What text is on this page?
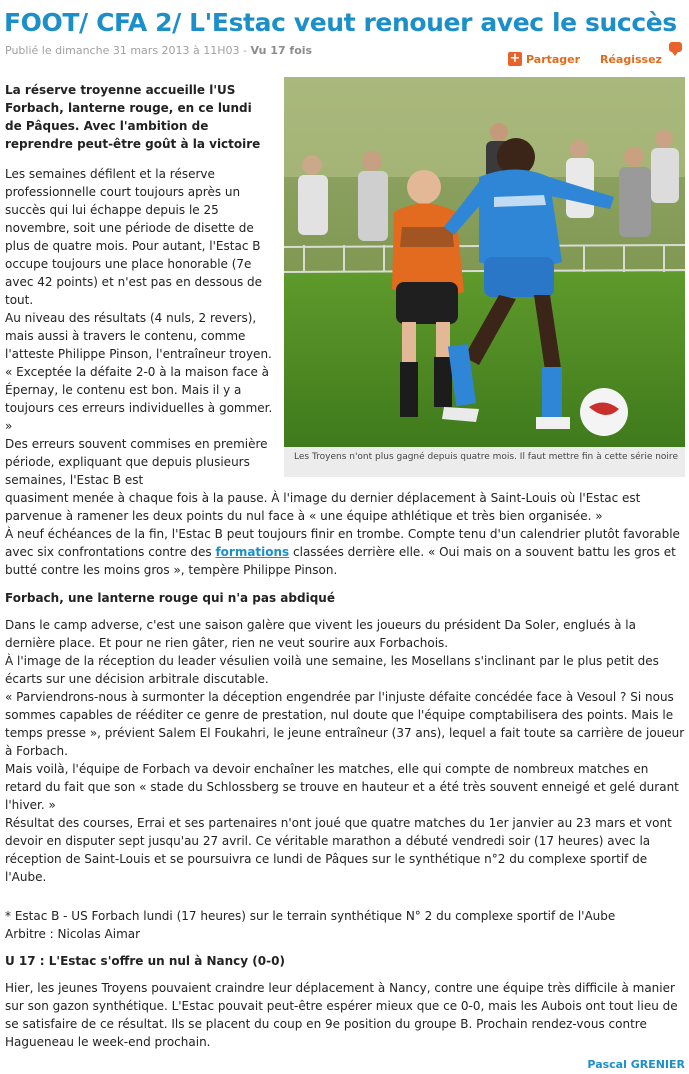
FOOT/ CFA 2/ L'Estac veut renouer avec le succès
Publié le dimanche 31 mars 2013 à 11H03 - Vu 17 fois
+ Partager Réagissez

La réserve troyenne accueille l'US Forbach, lanterne rouge, en ce lundi de Pâques. Avec l'ambition de reprendre peut-être goût à la victoire

Les Troyens n'ont plus gagné depuis quatre mois. Il faut mettre fin à cette série noire

Les semaines défilent et la réserve professionnelle court toujours après un succès qui lui échappe depuis le 25 novembre, soit une période de disette de plus de quatre mois. Pour autant, l'Estac B occupe toujours une place honorable (7e avec 42 points) et n'est pas en dessous de tout.

Au niveau des résultats (4 nuls, 2 revers), mais aussi à travers le contenu, comme l'atteste Philippe Pinson, l'entraîneur troyen. « Exceptée la défaite 2-0 à la maison face à Épernay, le contenu est bon. Mais il y a toujours ces erreurs individuelles à gommer. »

Des erreurs souvent commises en première période, expliquant que depuis plusieurs semaines, l'Estac B est

quasiment menée à chaque fois à la pause. À l'image du dernier déplacement à Saint-Louis où l'Estac est parvenue à ramener les deux points du nul face à « une équipe athlétique et très bien organisée. »

À neuf échéances de la fin, l'Estac B peut toujours finir en trombe. Compte tenu d'un calendrier plutôt favorable avec six confrontations contre des formations classées derrière elle. « Oui mais on a souvent battu les gros et butté contre les moins gros », tempère Philippe Pinson.

Forbach, une lanterne rouge qui n'a pas abdiqué

Dans le camp adverse, c'est une saison galère que vivent les joueurs du président Da Soler, englués à la dernière place. Et pour ne rien gâter, rien ne veut sourire aux Forbachois.

À l'image de la réception du leader vésulien voilà une semaine, les Mosellans s'inclinant par le plus petit des écarts sur une décision arbitrale discutable.

« Parviendrons-nous à surmonter la déception engendrée par l'injuste défaite concédée face à Vesoul ? Si nous sommes capables de rééditer ce genre de prestation, nul doute que l'équipe comptabilisera des points. Mais le temps presse », prévient Salem El Foukahri, le jeune entraîneur (37 ans), lequel a fait toute sa carrière de joueur à Forbach.

Mais voilà, l'équipe de Forbach va devoir enchaîner les matches, elle qui compte de nombreux matches en retard du fait que son « stade du Schlossberg se trouve en hauteur et a été très souvent enneigé et gelé durant l'hiver. »

Résultat des courses, Errai et ses partenaires n'ont joué que quatre matches du 1er janvier au 23 mars et vont devoir en disputer sept jusqu'au 27 avril. Ce véritable marathon a débuté vendredi soir (17 heures) avec la réception de Saint-Louis et se poursuivra ce lundi de Pâques sur le synthétique n°2 du complexe sportif de l'Aube.

* Estac B - US Forbach lundi (17 heures) sur le terrain synthétique N° 2 du complexe sportif de l'Aube

Arbitre : Nicolas Aimar

U 17 : L'Estac s'offre un nul à Nancy (0-0)

Hier, les jeunes Troyens pouvaient craindre leur déplacement à Nancy, contre une équipe très difficile à manier sur son gazon synthétique. L'Estac pouvait peut-être espérer mieux que ce 0-0, mais les Aubois ont tout lieu de se satisfaire de ce résultat. Ils se placent du coup en 9e position du groupe B. Prochain rendez-vous contre Hagueneau le week-end prochain.

Pascal GRENIER
